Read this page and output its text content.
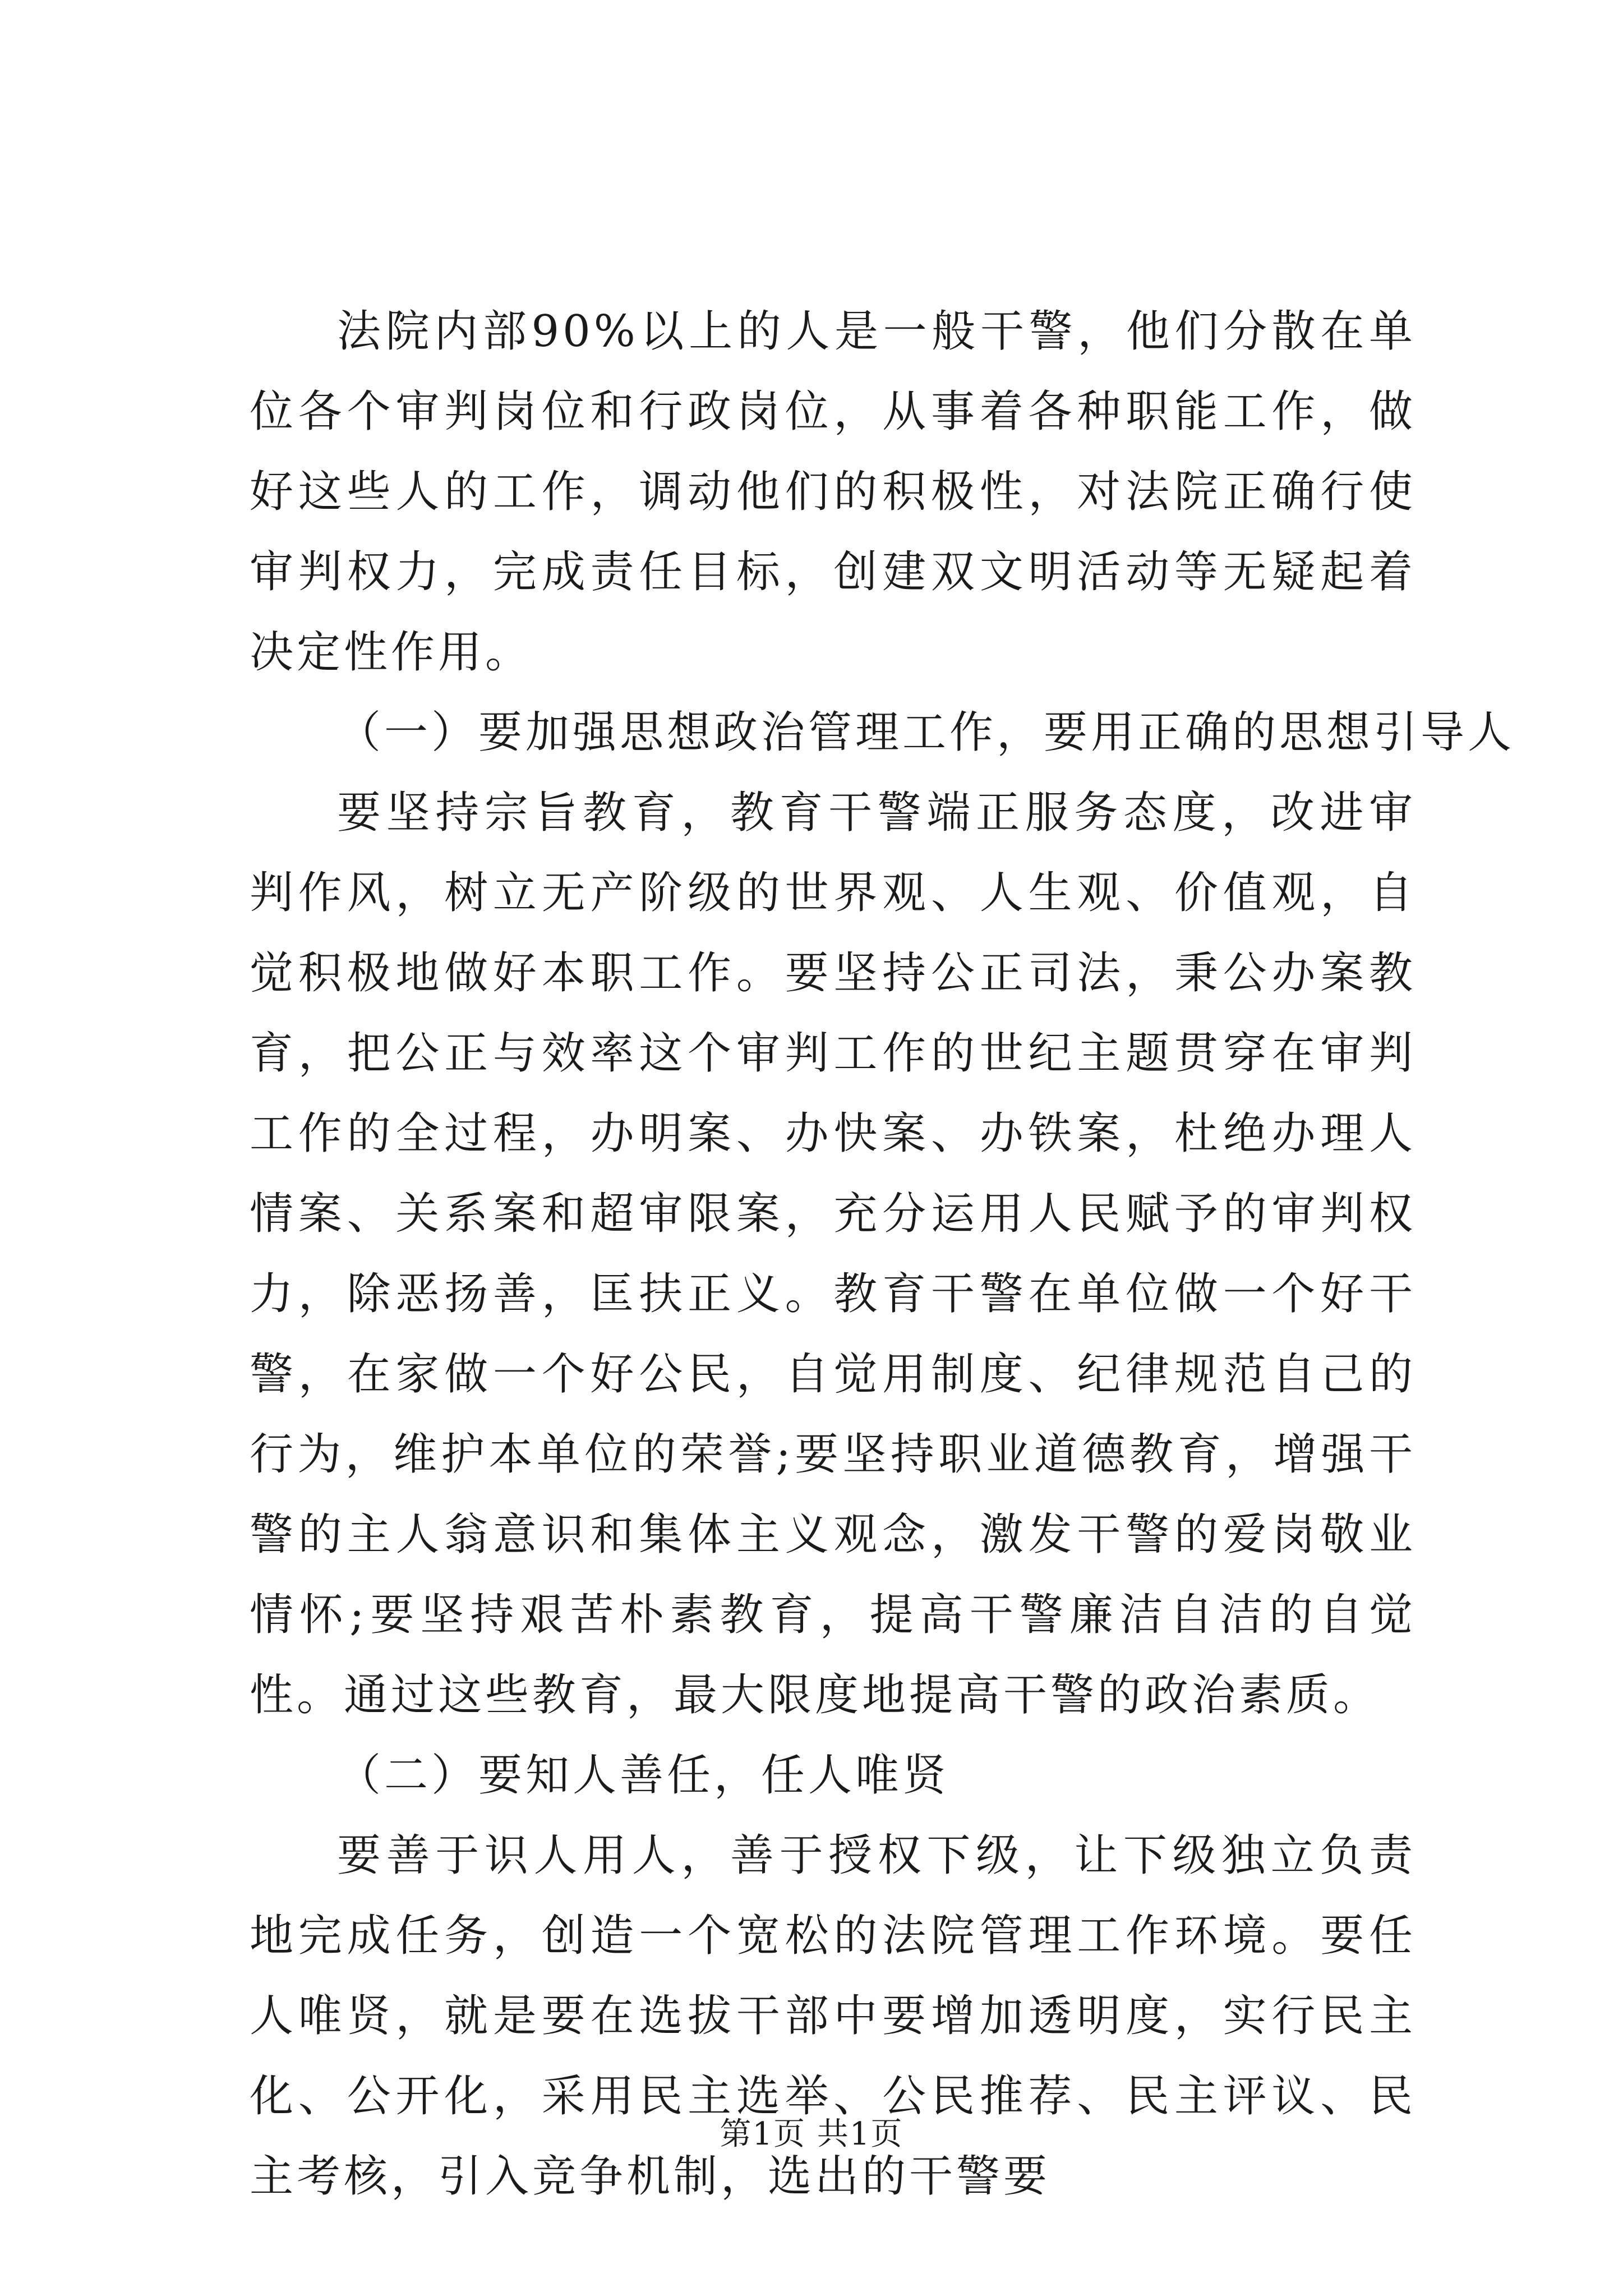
法院内部90%以上的人是一般干警，他们分散在单位各个审判岗位和行政岗位，从事着各种职能工作，做好这些人的工作，调动他们的积极性，对法院正确行使审判权力，完成责任目标，创建双文明活动等无疑起着决定性作用。

（一）要加强思想政治管理工作，要用正确的思想引导人

要坚持宗旨教育，教育干警端正服务态度，改进审判作风，树立无产阶级的世界观、人生观、价值观，自觉积极地做好本职工作。要坚持公正司法，秉公办案教育，把公正与效率这个审判工作的世纪主题贯穿在审判工作的全过程，办明案、办快案、办铁案，杜绝办理人情案、关系案和超审限案，充分运用人民赋予的审判权力，除恶扬善，匡扶正义。教育干警在单位做一个好干警，在家做一个好公民，自觉用制度、纪律规范自己的行为，维护本单位的荣誉;要坚持职业道德教育，增强干警的主人翁意识和集体主义观念，激发干警的爱岗敬业情怀;要坚持艰苦朴素教育，提高干警廉洁自洁的自觉性。通过这些教育，最大限度地提高干警的政治素质。

（二）要知人善任，任人唯贤

要善于识人用人，善于授权下级，让下级独立负责地完成任务，创造一个宽松的法院管理工作环境。要任人唯贤，就是要在选拔干部中要增加透明度，实行民主化、公开化，采用民主选举、公民推荐、民主评议、民主考核，引入竞争机制，选出的干警要

第1页 共1页
